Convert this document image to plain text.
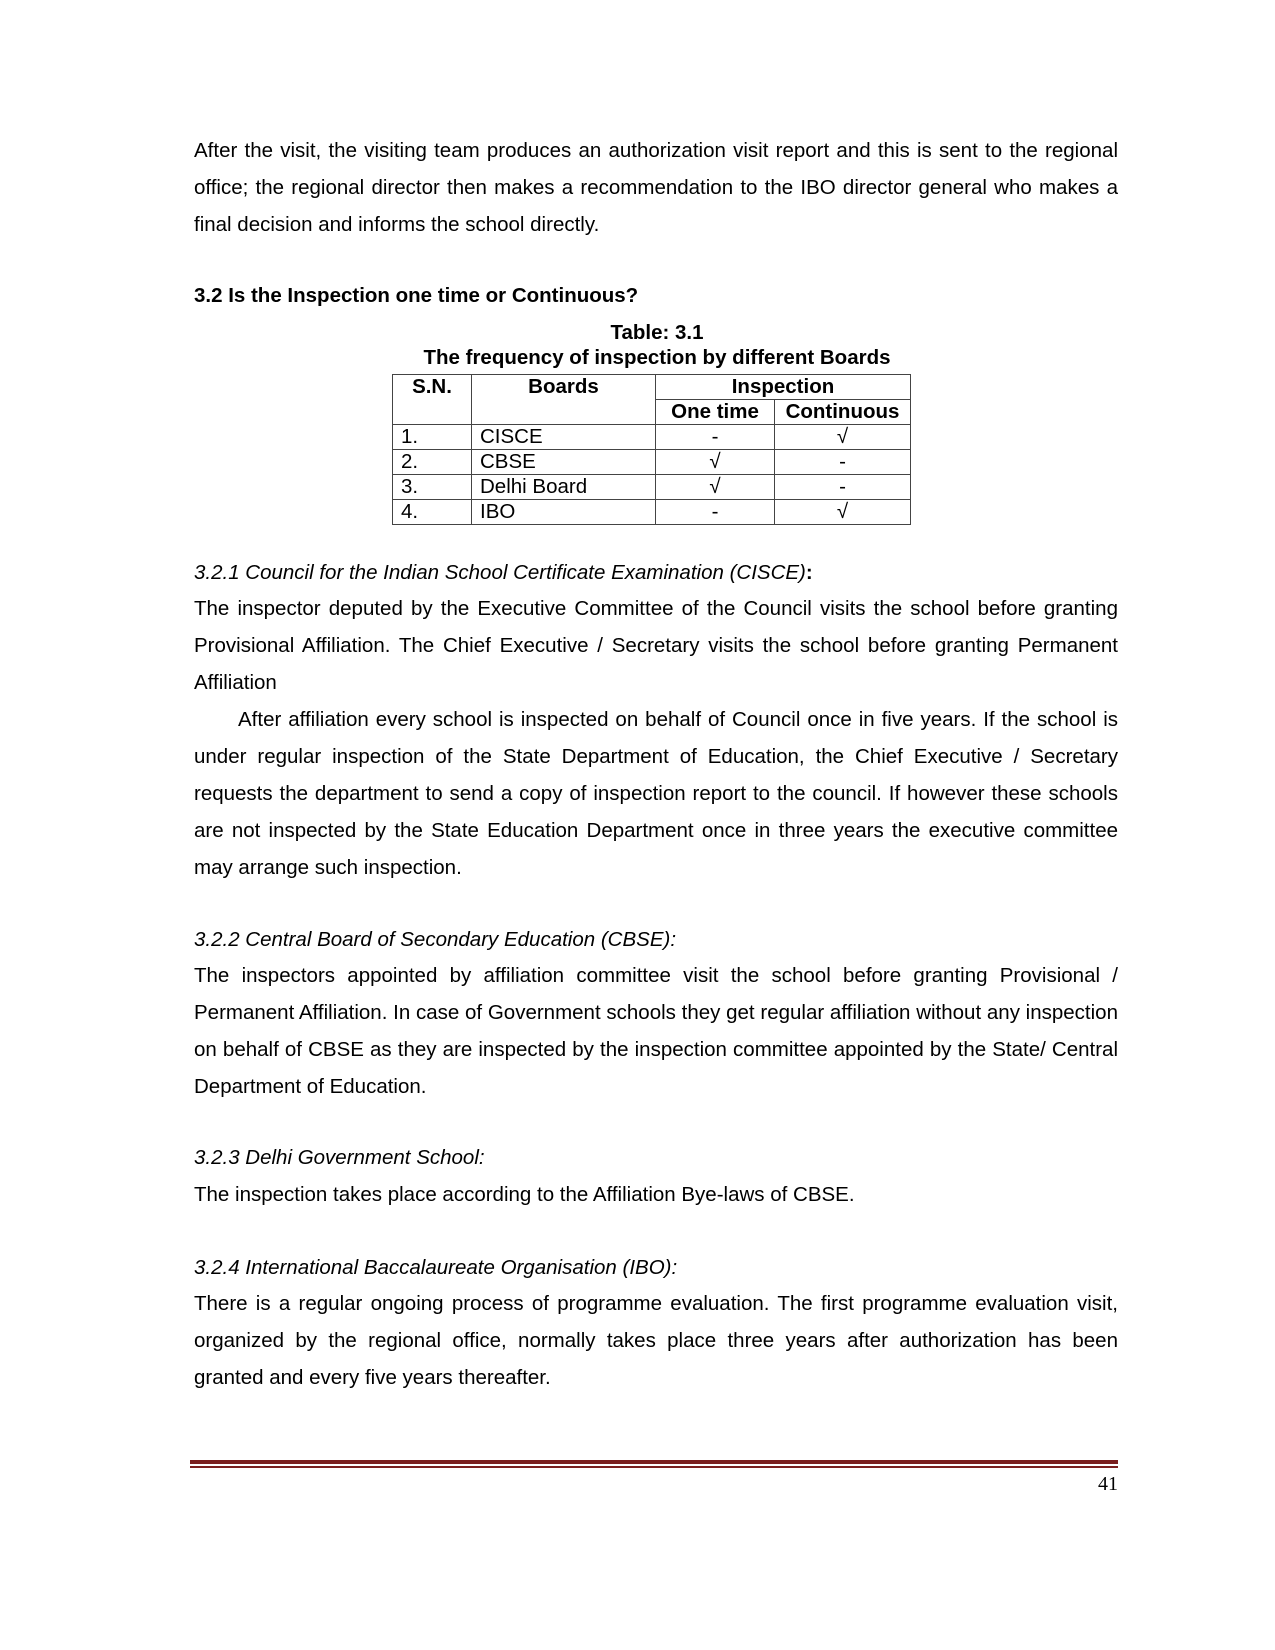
After the visit, the visiting team produces an authorization visit report and this is sent to the regional office; the regional director then makes a recommendation to the IBO director general who makes a final decision and informs the school directly.

3.2 Is the Inspection one time or Continuous?

Table: 3.1

The frequency of inspection by different Boards

S.N.	Boards	Inspection	
		One time	Continuous
1.	CISCE	-	√
2.	CBSE	√	-
3.	Delhi Board	√	-
4.	IBO	-	√

3.2.1 Council for the Indian School Certificate Examination (CISCE):

The inspector deputed by the Executive Committee of the Council visits the school before granting Provisional Affiliation. The Chief Executive / Secretary visits the school before granting Permanent Affiliation

After affiliation every school is inspected on behalf of Council once in five years. If the school is under regular inspection of the State Department of Education, the Chief Executive / Secretary requests the department to send a copy of inspection report to the council. If however these schools are not inspected by the State Education Department once in three years the executive committee may arrange such inspection.

3.2.2 Central Board of Secondary Education (CBSE):

The inspectors appointed by affiliation committee visit the school before granting Provisional / Permanent Affiliation. In case of Government schools they get regular affiliation without any inspection on behalf of CBSE as they are inspected by the inspection committee appointed by the State/ Central Department of Education.

3.2.3 Delhi Government School:

The inspection takes place according to the Affiliation Bye-laws of CBSE.

3.2.4 International Baccalaureate Organisation (IBO):

There is a regular ongoing process of programme evaluation. The first programme evaluation visit, organized by the regional office, normally takes place three years after authorization has been granted and every five years thereafter.

41
